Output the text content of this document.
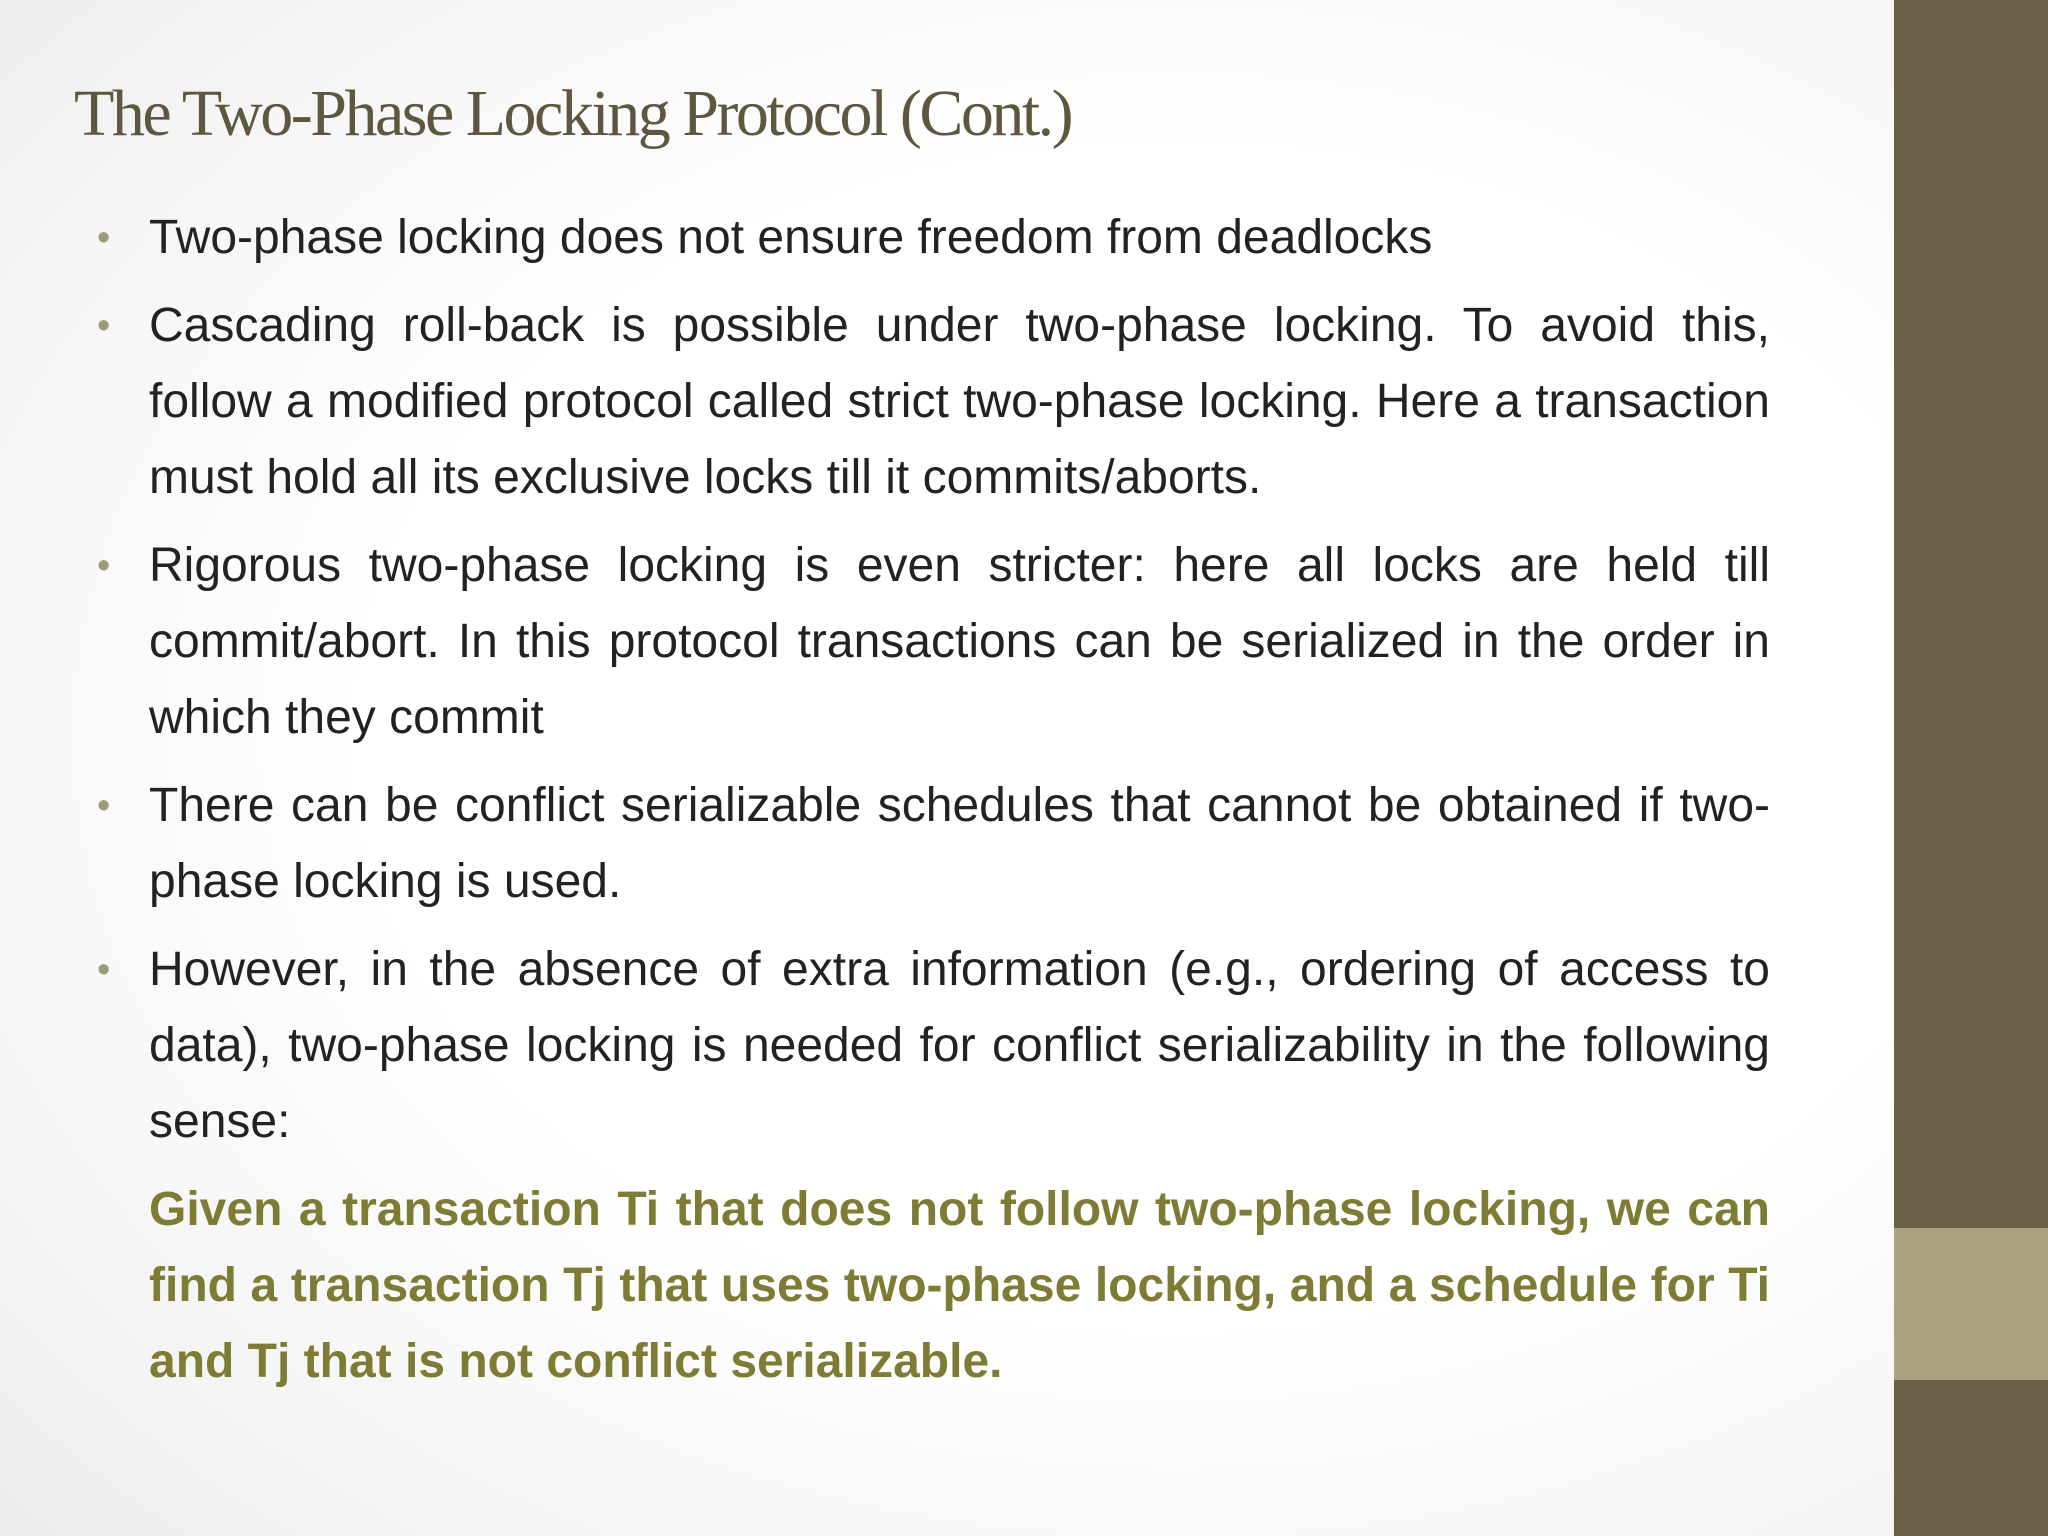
The Two-Phase Locking Protocol (Cont.)
• Two-phase locking does not ensure freedom from deadlocks
• Cascading roll-back is possible under two-phase locking. To avoid this, follow a modified protocol called strict two-phase locking. Here a transaction must hold all its exclusive locks till it commits/aborts.
• Rigorous two-phase locking is even stricter: here all locks are held till commit/abort. In this protocol transactions can be serialized in the order in which they commit
• There can be conflict serializable schedules that cannot be obtained if two-phase locking is used.
• However, in the absence of extra information (e.g., ordering of access to data), two-phase locking is needed for conflict serializability in the following sense:

Given a transaction Ti that does not follow two-phase locking, we can find a transaction Tj that uses two-phase locking, and a schedule for Ti and Tj that is not conflict serializable.
